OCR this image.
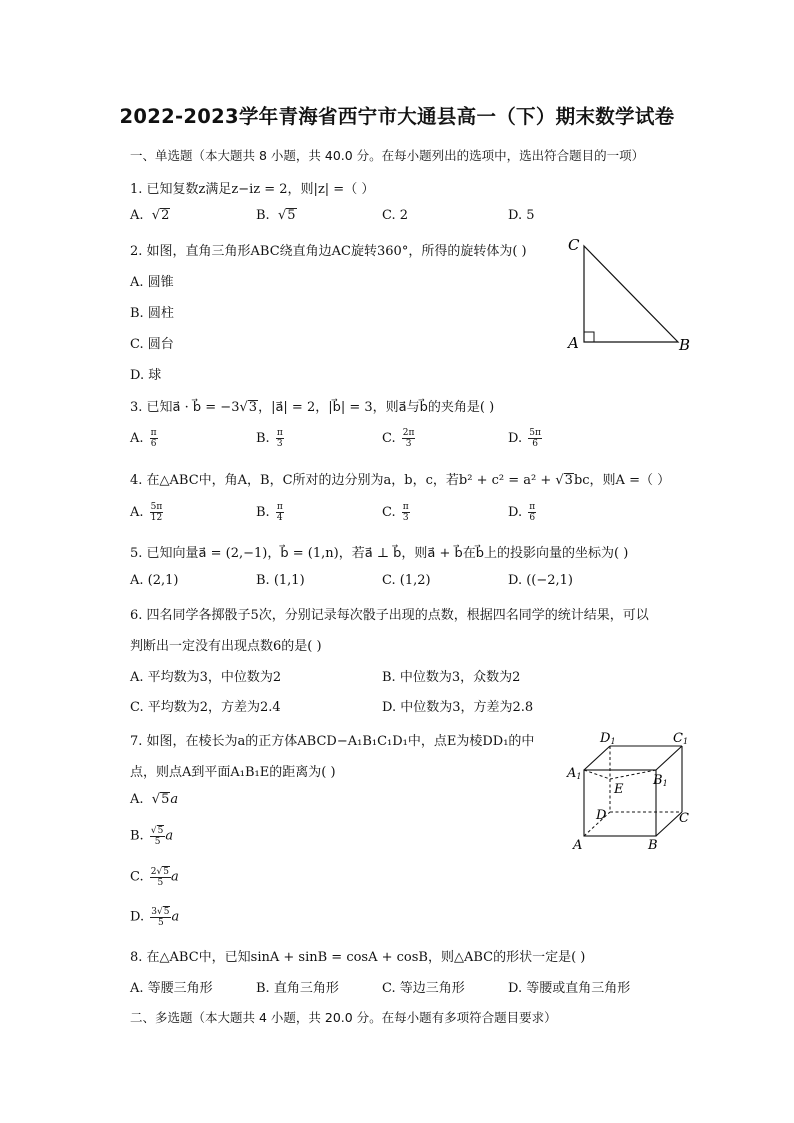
2022-2023学年青海省西宁市大通县高一（下）期末数学试卷
一、单选题（本大题共 8 小题，共 40.0 分。在每小题列出的选项中，选出符合题目的一项）
1. 已知复数z满足z−iz = 2，则|z| =（ ）
A. √2	B. √5	C. 2	D. 5
2. 如图，直角三角形ABC绕直角边AC旋转360°，所得的旋转体为( )
A. 圆锥
B. 圆柱
C. 圆台
D. 球
C
A	B
3. 已知a⃗ · b⃗ = −3√3，|a⃗| = 2，|b⃗| = 3，则a⃗与b⃗的夹角是( )
A. $\frac{\pi}{6}$	B. $\frac{\pi}{3}$	C. $\frac{2\pi}{3}$	D. $\frac{5\pi}{6}$
4. 在△ABC中，角A，B，C所对的边分别为a，b，c，若b² + c² = a² + √3bc，则A =（ ）
A. $\frac{5\pi}{12}$	B. $\frac{\pi}{4}$	C. $\frac{\pi}{3}$	D. $\frac{\pi}{6}$
5. 已知向量a⃗ = (2,−1)，b⃗ = (1,n)，若a⃗ ⊥ b⃗，则a⃗ + b⃗在b⃗上的投影向量的坐标为( )
A. (2,1)	B. (1,1)	C. (1,2)	D. ((−2,1)
6. 四名同学各掷骰子5次，分别记录每次骰子出现的点数，根据四名同学的统计结果，可以
判断出一定没有出现点数6的是( )
A. 平均数为3，中位数为2	B. 中位数为3，众数为2
C. 平均数为2，方差为2.4	D. 中位数为3，方差为2.8
7. 如图，在棱长为a的正方体ABCD−A₁B₁C₁D₁中，点E为棱DD₁的中
点，则点A到平面A₁B₁E的距离为( )
A. √5a
B. $\frac{√5}{5}$ a
C. $\frac{2√5}{5}$ a
D. $\frac{3√5}{5}$ a
D1	C1
A1	B1
E
D	C
A	B
8. 在△ABC中，已知sinA + sinB = cosA + cosB，则△ABC的形状一定是( )
A. 等腰三角形	B. 直角三角形	C. 等边三角形	D. 等腰或直角三角形
二、多选题（本大题共 4 小题，共 20.0 分。在每小题有多项符合题目要求）
